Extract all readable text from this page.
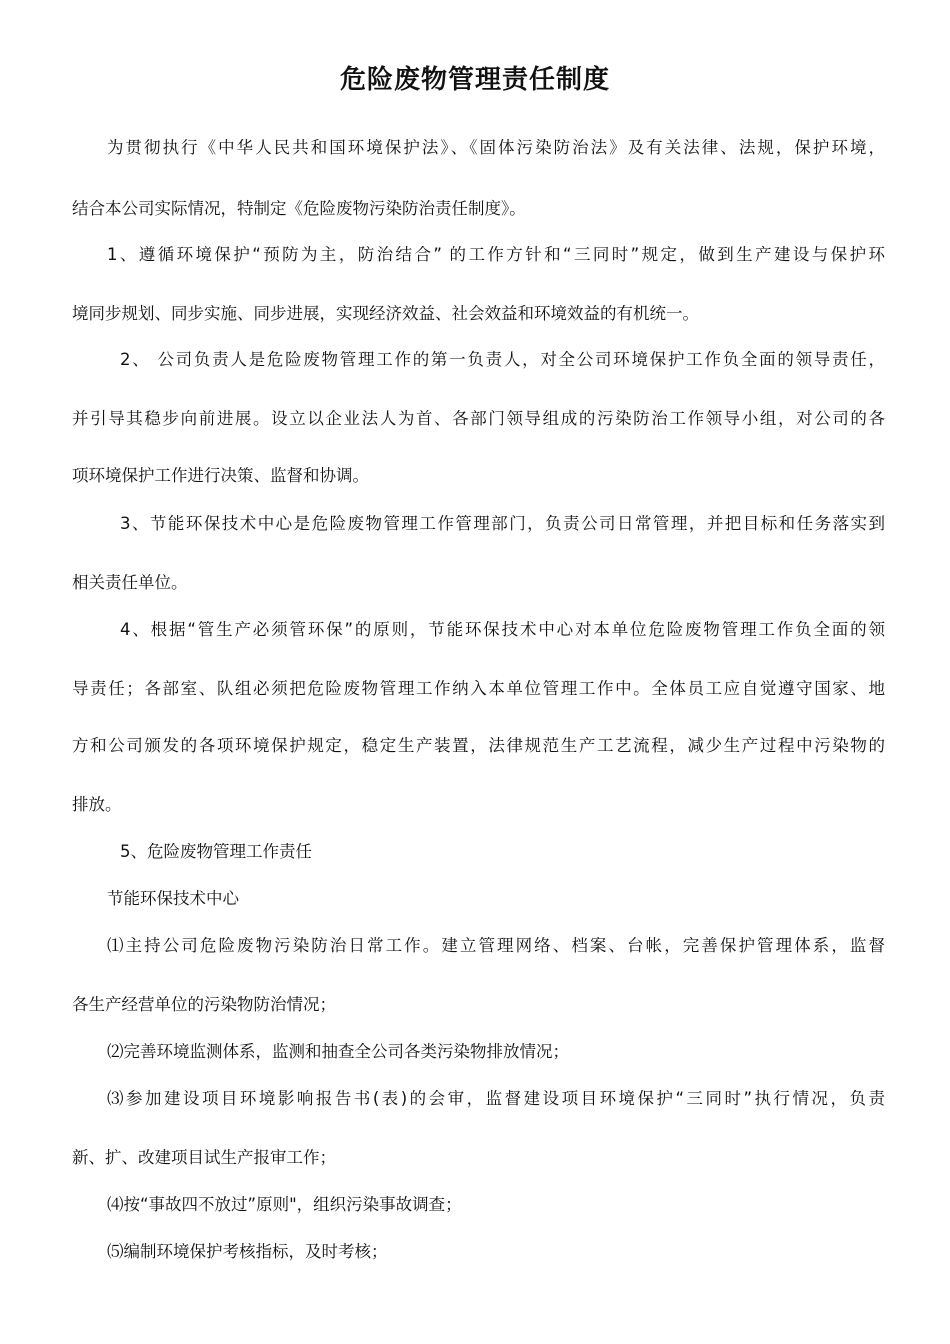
危险废物管理责任制度
为贯彻执行《中华人民共和国环境保护法》、《固体污染防治法》及有关法律、法规，保护环境，
结合本公司实际情况，特制定《危险废物污染防治责任制度》。
1、遵循环境保护“预防为主，防治结合” 的工作方针和“三同时”规定，做到生产建设与保护环
境同步规划、同步实施、同步进展，实现经济效益、社会效益和环境效益的有机统一。
2、 公司负责人是危险废物管理工作的第一负责人，对全公司环境保护工作负全面的领导责任，
并引导其稳步向前进展。设立以企业法人为首、各部门领导组成的污染防治工作领导小组，对公司的各
项环境保护工作进行决策、监督和协调。
3、节能环保技术中心是危险废物管理工作管理部门，负责公司日常管理，并把目标和任务落实到
相关责任单位。
4、根据“管生产必须管环保”的原则，节能环保技术中心对本单位危险废物管理工作负全面的领
导责任；各部室、队组必须把危险废物管理工作纳入本单位管理工作中。全体员工应自觉遵守国家、地
方和公司颁发的各项环境保护规定，稳定生产装置，法律规范生产工艺流程，减少生产过程中污染物的
排放。
5、危险废物管理工作责任
节能环保技术中心
⑴主持公司危险废物污染防治日常工作。建立管理网络、档案、台帐，完善保护管理体系，监督
各生产经营单位的污染物防治情况；
⑵完善环境监测体系，监测和抽查全公司各类污染物排放情况；
⑶参加建设项目环境影响报告书(表)的会审，监督建设项目环境保护“三同时”执行情况，负责
新、扩、改建项目试生产报审工作；
⑷按“事故四不放过”原则"，组织污染事故调查；
⑸编制环境保护考核指标，及时考核；
